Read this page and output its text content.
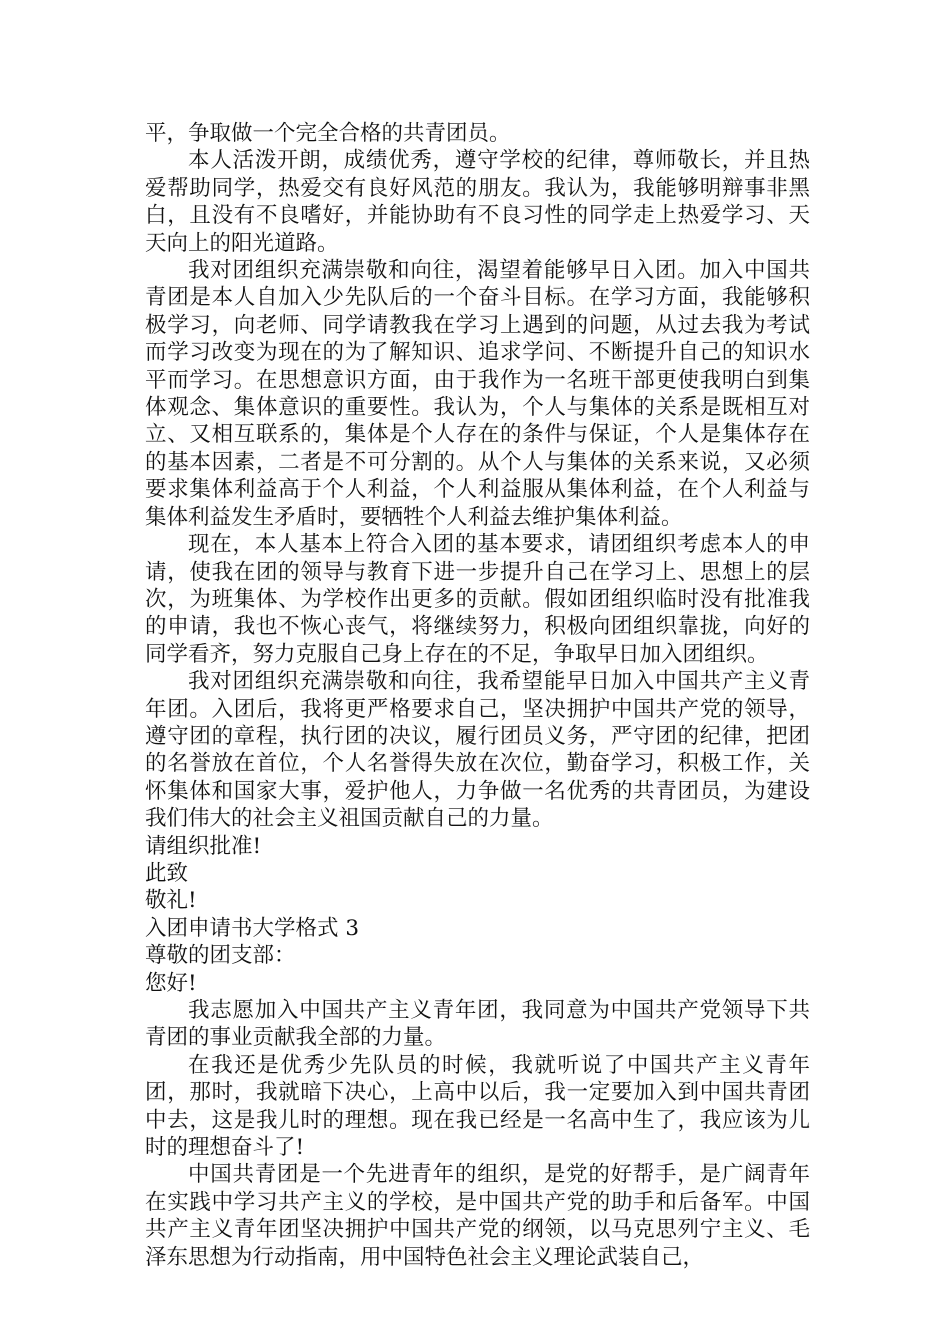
平，争取做一个完全合格的共青团员。

本人活泼开朗，成绩优秀，遵守学校的纪律，尊师敬长，并且热爱帮助同学，热爱交有良好风范的朋友。我认为，我能够明辩事非黑白，且没有不良嗜好，并能协助有不良习性的同学走上热爱学习、天天向上的阳光道路。

我对团组织充满崇敬和向往，渴望着能够早日入团。加入中国共青团是本人自加入少先队后的一个奋斗目标。在学习方面，我能够积极学习，向老师、同学请教我在学习上遇到的问题，从过去我为考试而学习改变为现在的为了解知识、追求学问、不断提升自己的知识水平而学习。在思想意识方面，由于我作为一名班干部更使我明白到集体观念、集体意识的重要性。我认为，个人与集体的关系是既相互对立、又相互联系的，集体是个人存在的条件与保证，个人是集体存在的基本因素，二者是不可分割的。从个人与集体的关系来说，又必须要求集体利益高于个人利益，个人利益服从集体利益，在个人利益与集体利益发生矛盾时，要牺牲个人利益去维护集体利益。

现在，本人基本上符合入团的基本要求，请团组织考虑本人的申请，使我在团的领导与教育下进一步提升自己在学习上、思想上的层次，为班集体、为学校作出更多的贡献。假如团组织临时没有批准我的申请，我也不恢心丧气，将继续努力，积极向团组织靠拢，向好的同学看齐，努力克服自己身上存在的不足，争取早日加入团组织。

我对团组织充满崇敬和向往，我希望能早日加入中国共产主义青年团。入团后，我将更严格要求自己，坚决拥护中国共产党的领导，遵守团的章程，执行团的决议，履行团员义务，严守团的纪律，把团的名誉放在首位，个人名誉得失放在次位，勤奋学习，积极工作，关怀集体和国家大事，爱护他人，力争做一名优秀的共青团员，为建设我们伟大的社会主义祖国贡献自己的力量。

请组织批准!

此致

敬礼!

入团申请书大学格式 3

尊敬的团支部：

您好!

我志愿加入中国共产主义青年团，我同意为中国共产党领导下共青团的事业贡献我全部的力量。

在我还是优秀少先队员的时候，我就听说了中国共产主义青年团，那时，我就暗下决心，上高中以后，我一定要加入到中国共青团中去，这是我儿时的理想。现在我已经是一名高中生了，我应该为儿时的理想奋斗了!

中国共青团是一个先进青年的组织，是党的好帮手，是广阔青年在实践中学习共产主义的学校，是中国共产党的助手和后备军。中国共产主义青年团坚决拥护中国共产党的纲领，以马克思列宁主义、毛泽东思想为行动指南，用中国特色社会主义理论武装自己，
